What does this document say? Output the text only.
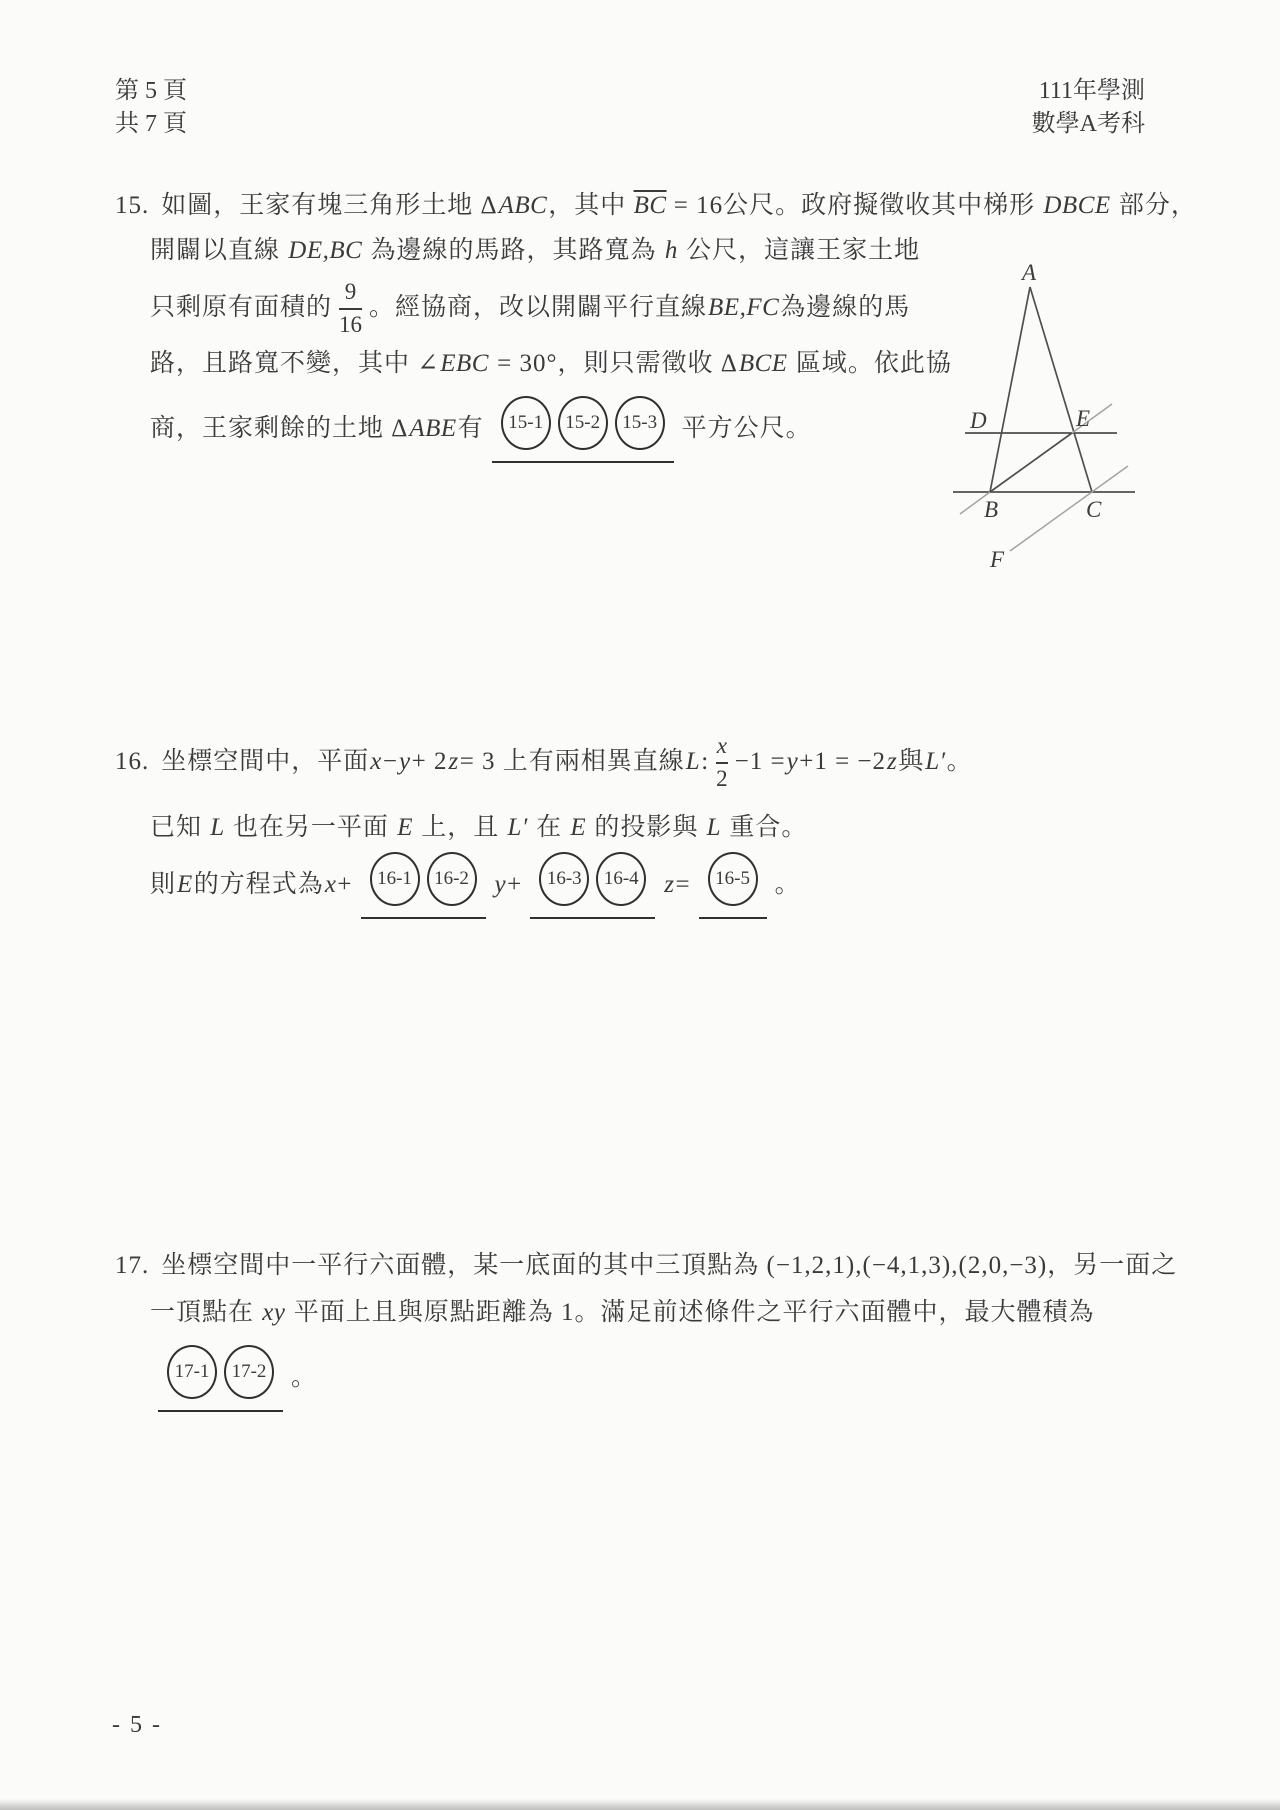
第 5 頁
共 7 頁
111年學測
數學A考科
15. 如圖，王家有塊三角形土地 ΔABC，其中 $\overline{BC} = 16$公尺。政府擬徵收其中梯形 DBCE 部分，
開闢以直線 DE,BC 為邊線的馬路，其路寬為 h 公尺，這讓王家土地
只剩原有面積的 $\frac{9}{16}$ 。經協商，改以開闢平行直線 BE,FC 為邊線的馬
路，且路寬不變，其中 ∠EBC = 30°，則只需徵收 ΔBCE 區域。依此協
商，王家剩餘的土地 Δ ABE 有	15-1	15-2	15-3 平方公尺。
A
D	E
B	C
F
16. 坐標空間中，平面 x − y + 2 z = 3 上有兩相異直線 L : $\frac{x}{2} -1 = y +1 = -2$ z 與 L′ 。
已知 L 也在另一平面 E 上，且 L′ 在 E 的投影與 L 重合。
則 E 的方程式為 x +	16-1	16-2	y +	16-3	16-4	z =	16-5 。
17. 坐標空間中一平行六面體，某一底面的其中三頂點為 (−1,2,1),(−4,1,3),(2,0,−3)，另一面之
一頂點在 xy 平面上且與原點距離為 1。滿足前述條件之平行六面體中，最大體積為
17-1	17-2 。
- 5 -
